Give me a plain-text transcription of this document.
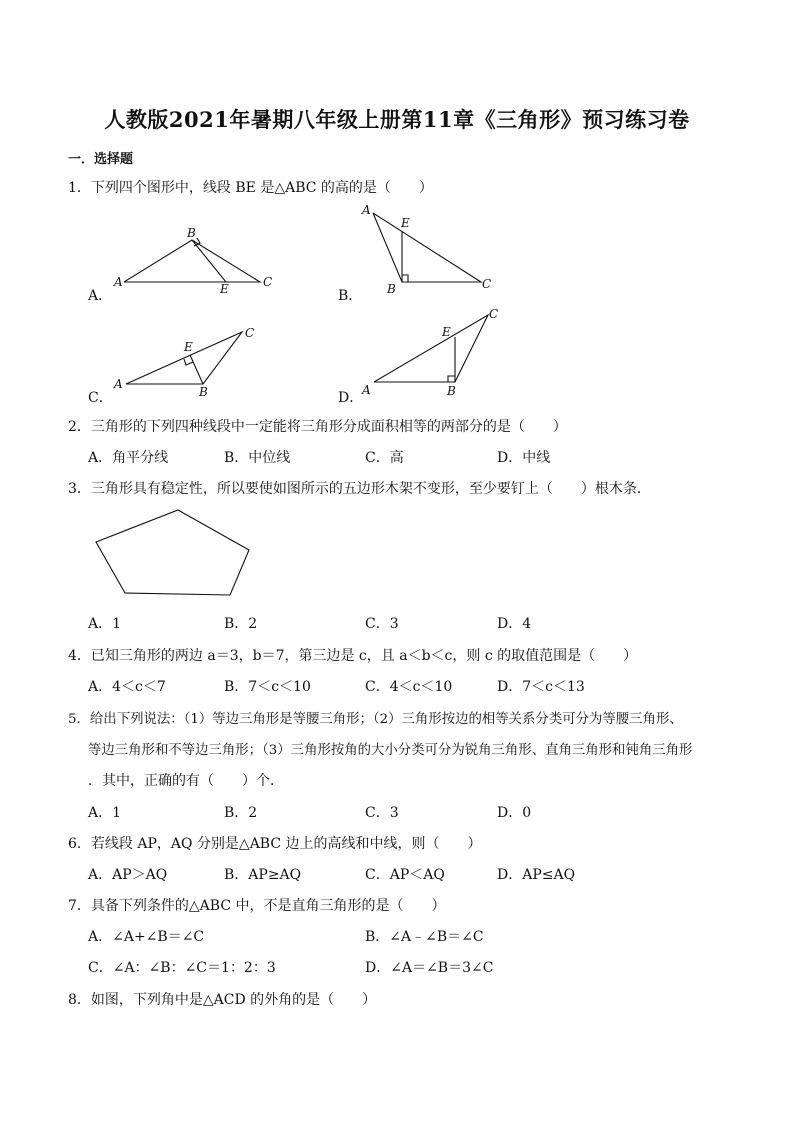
人教版2021年暑期八年级上册第11章《三角形》预习练习卷
一．选择题
1．下列四个图形中，线段 BE 是△ABC 的高的是（　　）
A．
A
B
C
E	B．
A
E
B	C
C．
A
E
B
C
D．
A
E
B
C
2．三角形的下列四种线段中一定能将三角形分成面积相等的两部分的是（　　）
A．角平分线	B．中位线	C．高	D．中线
3．三角形具有稳定性，所以要使如图所示的五边形木架不变形，至少要钉上（　　）根木条．
A．1	B．2	C．3	D．4
4．已知三角形的两边 a＝3，b＝7，第三边是 c，且 a＜b＜c，则 c 的取值范围是（　　）
A．4＜c＜7	B．7＜c＜10	C．4＜c＜10	D．7＜c＜13
5．给出下列说法：（1）等边三角形是等腰三角形；（2）三角形按边的相等关系分类可分为等腰三角形、
等边三角形和不等边三角形；（3）三角形按角的大小分类可分为锐角三角形、直角三角形和钝角三角形
．其中，正确的有（　　）个．
A．1	B．2	C．3	D．0
6．若线段 AP，AQ 分别是△ABC 边上的高线和中线，则（　　）
A．AP＞AQ	B．AP≥AQ	C．AP＜AQ	D．AP≤AQ
7．具备下列条件的△ABC 中，不是直角三角形的是（　　）
A．∠A+∠B＝∠C	B．∠A﹣∠B＝∠C
C．∠A：∠B：∠C＝1：2：3	D．∠A＝∠B＝3∠C
8．如图，下列角中是△ACD 的外角的是（　　）
